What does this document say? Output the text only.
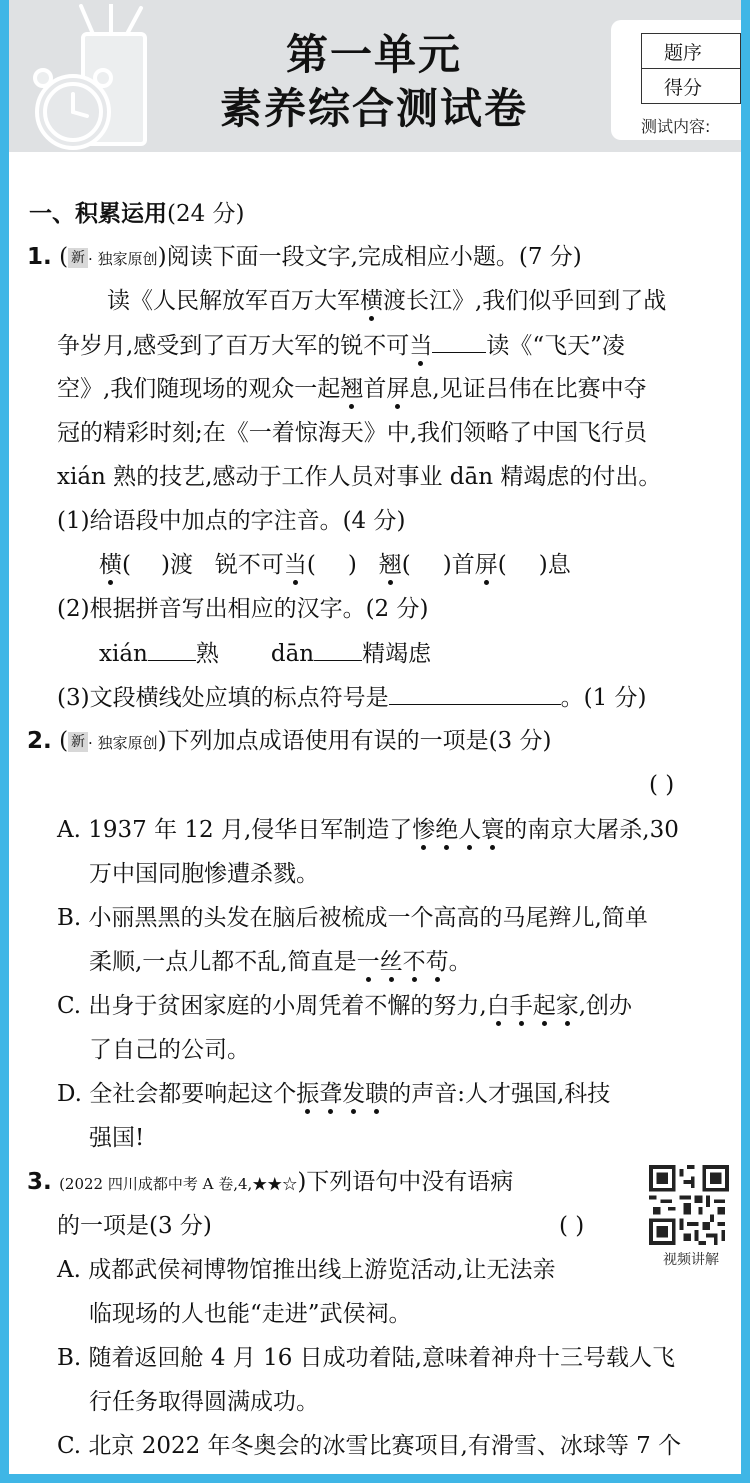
第一单元
素养综合测试卷
题序
得分
测试内容:
一、积累运用(24 分)
1. ( 新 · 独家原创)阅读下面一段文字,完成相应小题。(7 分)
读《人民解放军百万大军横渡长江》,我们似乎回到了战
争岁月,感受到了百万大军的锐不可当 读《“飞天”凌
空》,我们随现场的观众一起翘首屏息,见证吕伟在比赛中夺
冠的精彩时刻;在《一着惊海天》中,我们领略了中国飞行员
xián 熟的技艺,感动于工作人员对事业 dān 精竭虑的付出。
(1)给语段中加点的字注音。(4 分)
横( )渡   锐不可当( )   翘( )首屏( )息
(2)根据拼音写出相应的汉字。(2 分)
xián 熟 dān 精竭虑
(3)文段横线处应填的标点符号是	。(1 分)
2. ( 新 · 独家原创)下列加点成语使用有误的一项是(3 分)
( )
A. 1937 年 12 月,侵华日军制造了惨绝人寰的南京大屠杀,30
万中国同胞惨遭杀戮。
B. 小丽黑黑的头发在脑后被梳成一个高高的马尾辫儿,简单
柔顺,一点儿都不乱,简直是一丝不苟。
C. 出身于贫困家庭的小周凭着不懈的努力,白手起家,创办
了自己的公司。
D. 全社会都要响起这个振聋发聩的声音:人才强国,科技
强国!
3. (2022 四川成都中考 A 卷,4,★★☆)下列语句中没有语病
的一项是(3 分)	( )
视频讲解
A. 成都武侯祠博物馆推出线上游览活动,让无法亲
临现场的人也能“走进”武侯祠。
B. 随着返回舱 4 月 16 日成功着陆,意味着神舟十三号载人飞
行任务取得圆满成功。
C. 北京 2022 年冬奥会的冰雪比赛项目,有滑雪、冰球等 7 个
